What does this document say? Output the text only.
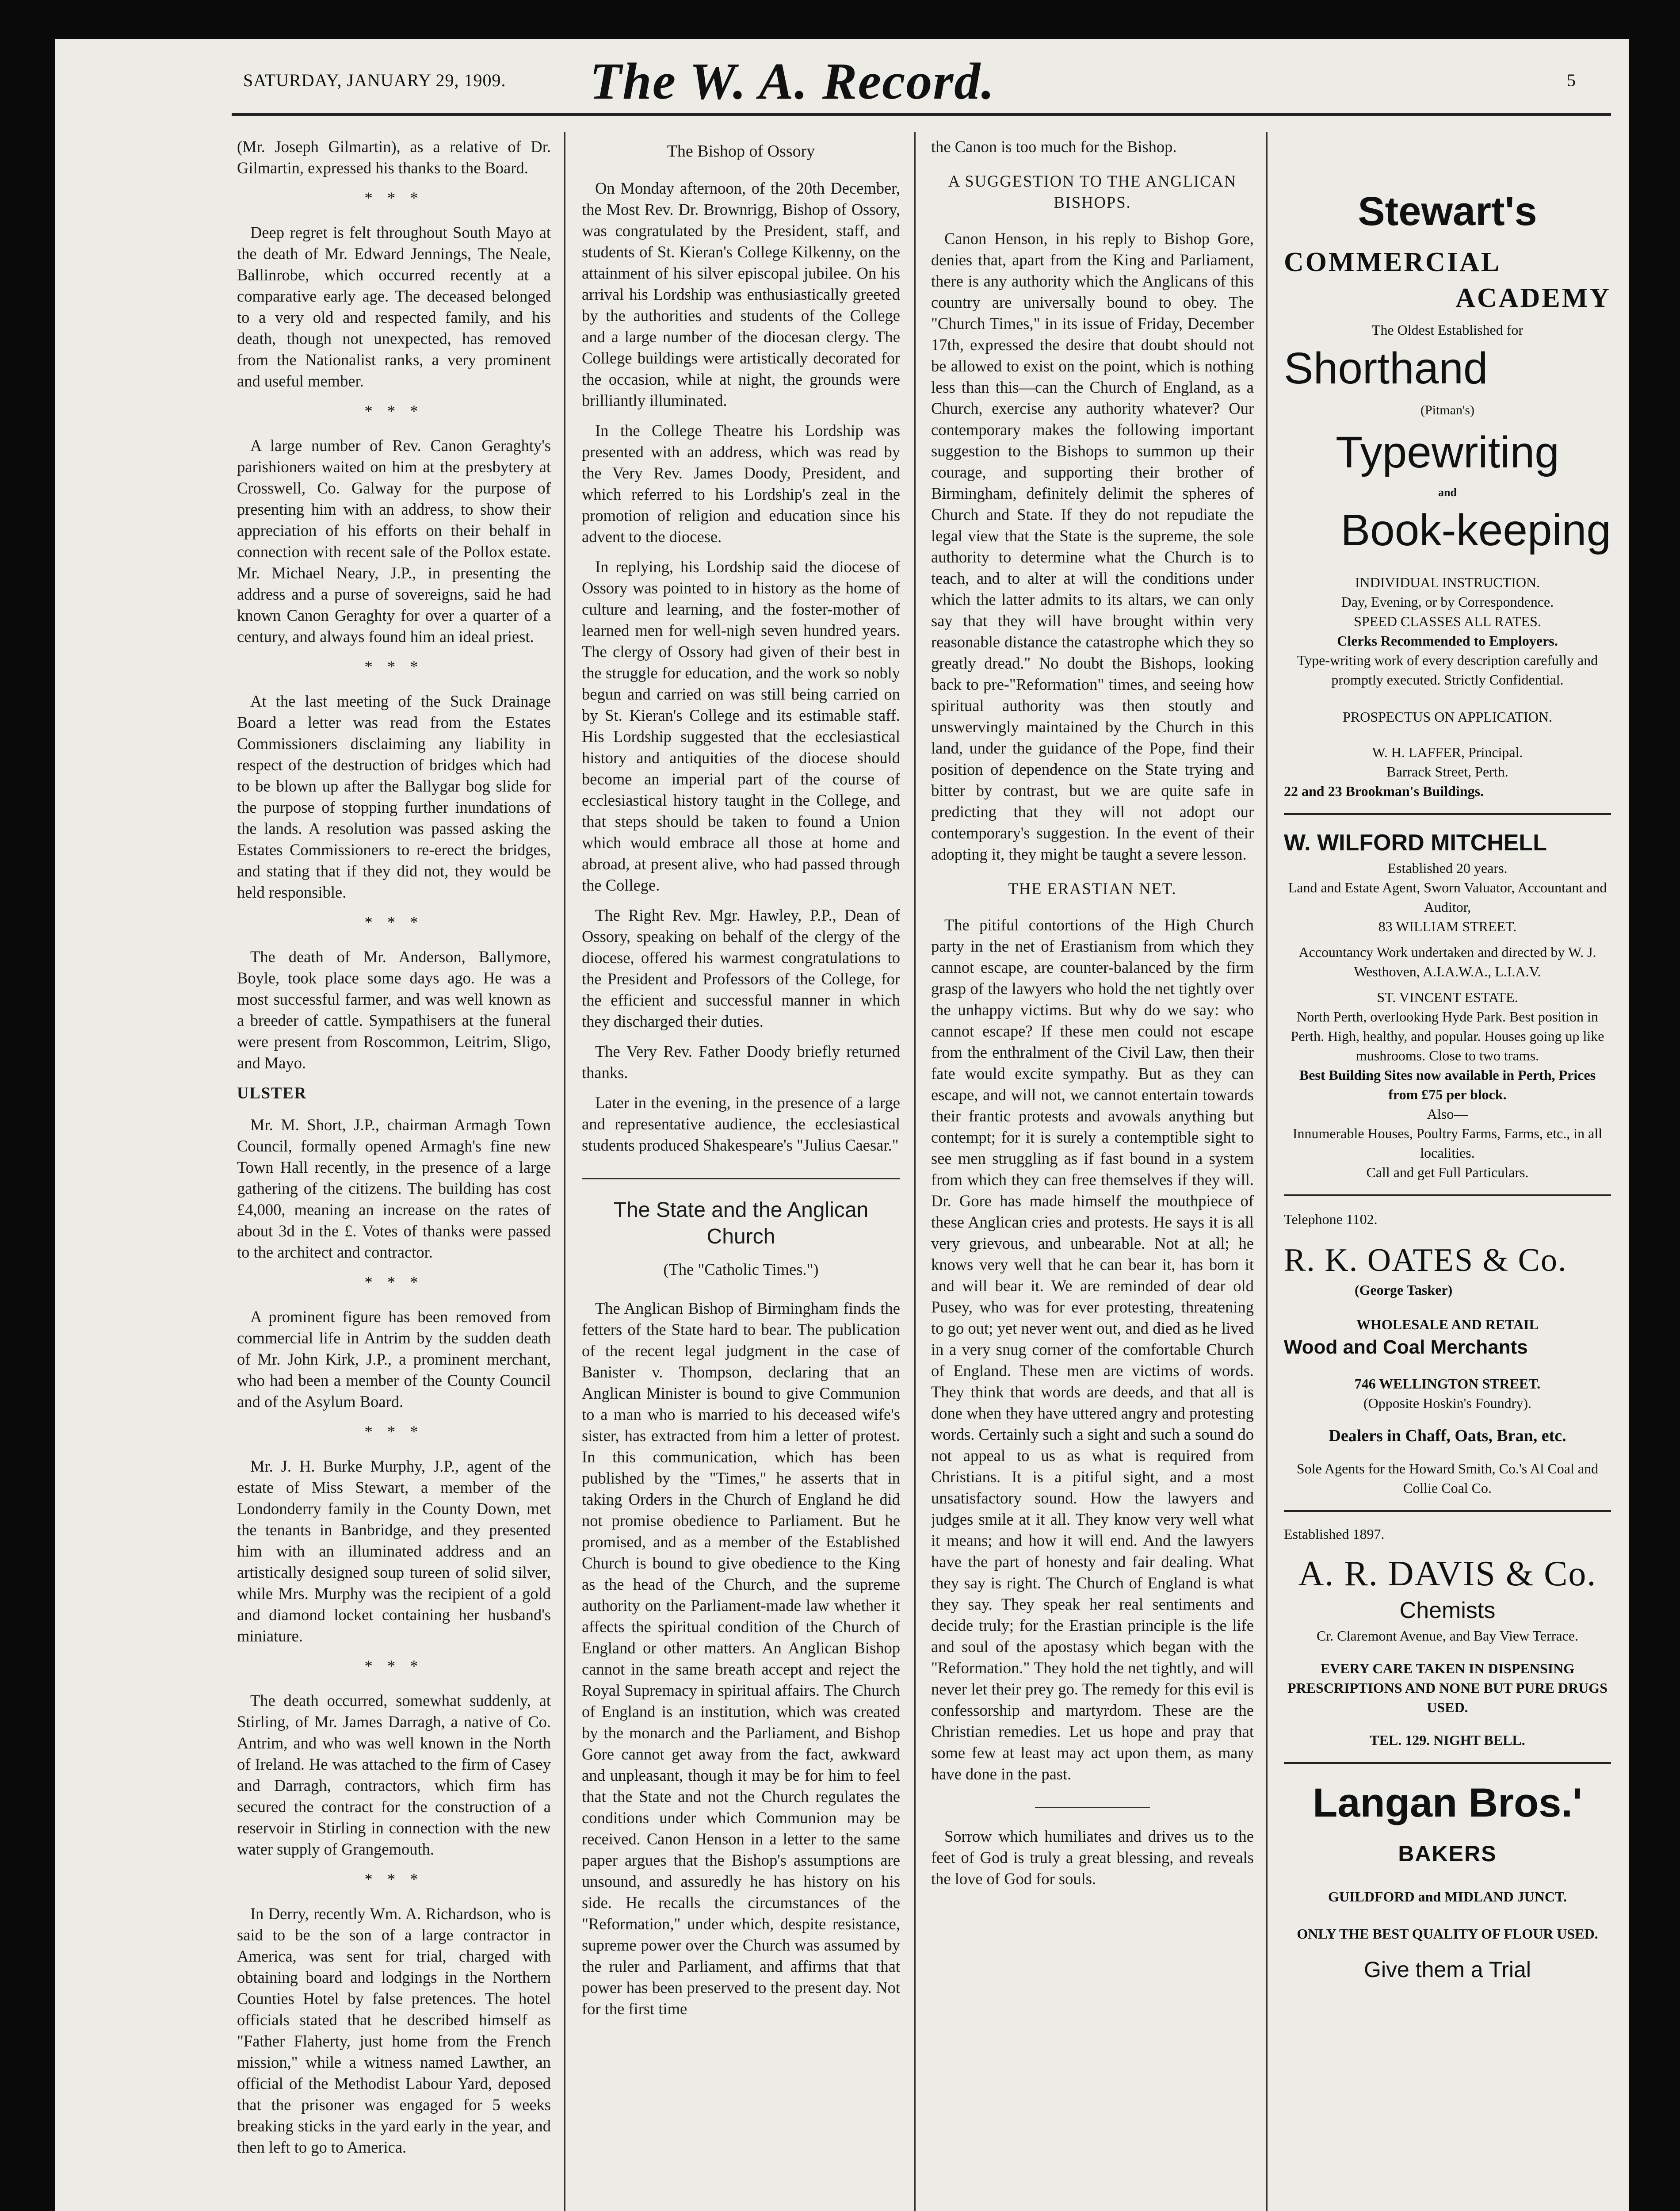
SATURDAY, JANUARY 29, 1909. The W. A. Record.	5

(Mr. Joseph Gilmartin), as a relative of Dr. Gilmartin, expressed his thanks to the Board.

* * *

Deep regret is felt throughout South Mayo at the death of Mr. Edward Jennings, The Neale, Ballinrobe, which occurred recently at a comparative early age. The deceased belonged to a very old and respected family, and his death, though not unexpected, has removed from the Nationalist ranks, a very prominent and useful member.

* * *

A large number of Rev. Canon Geraghty's parishioners waited on him at the presbytery at Crosswell, Co. Galway for the purpose of presenting him with an address, to show their appreciation of his efforts on their behalf in connection with recent sale of the Pollox estate. Mr. Michael Neary, J.P., in presenting the address and a purse of sovereigns, said he had known Canon Geraghty for over a quarter of a century, and always found him an ideal priest.

* * *

At the last meeting of the Suck Drainage Board a letter was read from the Estates Commissioners disclaiming any liability in respect of the destruction of bridges which had to be blown up after the Ballygar bog slide for the purpose of stopping further inundations of the lands. A resolution was passed asking the Estates Commissioners to re-erect the bridges, and stating that if they did not, they would be held responsible.

* * *

The death of Mr. Anderson, Ballymore, Boyle, took place some days ago. He was a most successful farmer, and was well known as a breeder of cattle. Sympathisers at the funeral were present from Roscommon, Leitrim, Sligo, and Mayo.

ULSTER

Mr. M. Short, J.P., chairman Armagh Town Council, formally opened Armagh's fine new Town Hall recently, in the presence of a large gathering of the citizens. The building has cost £4,000, meaning an increase on the rates of about 3d in the £. Votes of thanks were passed to the architect and contractor.

* * *

A prominent figure has been removed from commercial life in Antrim by the sudden death of Mr. John Kirk, J.P., a prominent merchant, who had been a member of the County Council and of the Asylum Board.

* * *

Mr. J. H. Burke Murphy, J.P., agent of the estate of Miss Stewart, a member of the Londonderry family in the County Down, met the tenants in Banbridge, and they presented him with an illuminated address and an artistically designed soup tureen of solid silver, while Mrs. Murphy was the recipient of a gold and diamond locket containing her husband's miniature.

* * *

The death occurred, somewhat suddenly, at Stirling, of Mr. James Darragh, a native of Co. Antrim, and who was well known in the North of Ireland. He was attached to the firm of Casey and Darragh, contractors, which firm has secured the contract for the construction of a reservoir in Stirling in connection with the new water supply of Grangemouth.

* * *

In Derry, recently Wm. A. Richardson, who is said to be the son of a large contractor in America, was sent for trial, charged with obtaining board and lodgings in the Northern Counties Hotel by false pretences. The hotel officials stated that he described himself as "Father Flaherty, just home from the French mission," while a witness named Lawther, an official of the Methodist Labour Yard, deposed that the prisoner was engaged for 5 weeks breaking sticks in the yard early in the year, and then left to go to America.

The Bishop of Ossory

On Monday afternoon, of the 20th December, the Most Rev. Dr. Brownrigg, Bishop of Ossory, was congratulated by the President, staff, and students of St. Kieran's College Kilkenny, on the attainment of his silver episcopal jubilee. On his arrival his Lordship was enthusiastically greeted by the authorities and students of the College and a large number of the diocesan clergy. The College buildings were artistically decorated for the occasion, while at night, the grounds were brilliantly illuminated.

In the College Theatre his Lordship was presented with an address, which was read by the Very Rev. James Doody, President, and which referred to his Lordship's zeal in the promotion of religion and education since his advent to the diocese.

In replying, his Lordship said the diocese of Ossory was pointed to in history as the home of culture and learning, and the foster-mother of learned men for well-nigh seven hundred years. The clergy of Ossory had given of their best in the struggle for education, and the work so nobly begun and carried on was still being carried on by St. Kieran's College and its estimable staff. His Lordship suggested that the ecclesiastical history and antiquities of the diocese should become an imperial part of the course of ecclesiastical history taught in the College, and that steps should be taken to found a Union which would embrace all those at home and abroad, at present alive, who had passed through the College.

The Right Rev. Mgr. Hawley, P.P., Dean of Ossory, speaking on behalf of the clergy of the diocese, offered his warmest congratulations to the President and Professors of the College, for the efficient and successful manner in which they discharged their duties.

The Very Rev. Father Doody briefly returned thanks.

Later in the evening, in the presence of a large and representative audience, the ecclesiastical students produced Shakespeare's "Julius Caesar."

The State and the Anglican Church

(The "Catholic Times.")

The Anglican Bishop of Birmingham finds the fetters of the State hard to bear. The publication of the recent legal judgment in the case of Banister v. Thompson, declaring that an Anglican Minister is bound to give Communion to a man who is married to his deceased wife's sister, has extracted from him a letter of protest. In this communication, which has been published by the "Times," he asserts that in taking Orders in the Church of England he did not promise obedience to Parliament. But he promised, and as a member of the Established Church is bound to give obedience to the King as the head of the Church, and the supreme authority on the Parliament-made law whether it affects the spiritual condition of the Church of England or other matters. An Anglican Bishop cannot in the same breath accept and reject the Royal Supremacy in spiritual affairs. The Church of England is an institution, which was created by the monarch and the Parliament, and Bishop Gore cannot get away from the fact, awkward and unpleasant, though it may be for him to feel that the State and not the Church regulates the conditions under which Communion may be received. Canon Henson in a letter to the same paper argues that the Bishop's assumptions are unsound, and assuredly he has history on his side. He recalls the circumstances of the "Reformation," under which, despite resistance, supreme power over the Church was assumed by the ruler and Parliament, and affirms that that power has been preserved to the present day. Not for the first time

the Canon is too much for the Bishop.

A SUGGESTION TO THE ANGLICAN BISHOPS.

Canon Henson, in his reply to Bishop Gore, denies that, apart from the King and Parliament, there is any authority which the Anglicans of this country are universally bound to obey. The "Church Times," in its issue of Friday, December 17th, expressed the desire that doubt should not be allowed to exist on the point, which is nothing less than this—can the Church of England, as a Church, exercise any authority whatever? Our contemporary makes the following important suggestion to the Bishops to summon up their courage, and supporting their brother of Birmingham, definitely delimit the spheres of Church and State. If they do not repudiate the legal view that the State is the supreme, the sole authority to determine what the Church is to teach, and to alter at will the conditions under which the latter admits to its altars, we can only say that they will have brought within very reasonable distance the catastrophe which they so greatly dread." No doubt the Bishops, looking back to pre-"Reformation" times, and seeing how spiritual authority was then stoutly and unswervingly maintained by the Church in this land, under the guidance of the Pope, find their position of dependence on the State trying and bitter by contrast, but we are quite safe in predicting that they will not adopt our contemporary's suggestion. In the event of their adopting it, they might be taught a severe lesson.

THE ERASTIAN NET.

The pitiful contortions of the High Church party in the net of Erastianism from which they cannot escape, are counter-balanced by the firm grasp of the lawyers who hold the net tightly over the unhappy victims. But why do we say: who cannot escape? If these men could not escape from the enthralment of the Civil Law, then their fate would excite sympathy. But as they can escape, and will not, we cannot entertain towards their frantic protests and avowals anything but contempt; for it is surely a contemptible sight to see men struggling as if fast bound in a system from which they can free themselves if they will. Dr. Gore has made himself the mouthpiece of these Anglican cries and protests. He says it is all very grievous, and unbearable. Not at all; he knows very well that he can bear it, has born it and will bear it. We are reminded of dear old Pusey, who was for ever protesting, threatening to go out; yet never went out, and died as he lived in a very snug corner of the comfortable Church of England. These men are victims of words. They think that words are deeds, and that all is done when they have uttered angry and protesting words. Certainly such a sight and such a sound do not appeal to us as what is required from Christians. It is a pitiful sight, and a most unsatisfactory sound. How the lawyers and judges smile at it all. They know very well what it means; and how it will end. And the lawyers have the part of honesty and fair dealing. What they say is right. The Church of England is what they say. They speak her real sentiments and decide truly; for the Erastian principle is the life and soul of the apostasy which began with the "Reformation." They hold the net tightly, and will never let their prey go. The remedy for this evil is confessorship and martyrdom. These are the Christian remedies. Let us hope and pray that some few at least may act upon them, as many have done in the past.

Sorrow which humiliates and drives us to the feet of God is truly a great blessing, and reveals the love of God for souls.

Stewart's
COMMERCIAL
ACADEMY
The Oldest Established for
Shorthand
(Pitman's)
Typewriting
and
Book-keeping
INDIVIDUAL INSTRUCTION.
Day, Evening, or by Correspondence.
SPEED CLASSES ALL RATES.
Clerks Recommended to Employers.
Type-writing work of every description carefully and promptly executed. Strictly Confidential.
PROSPECTUS ON APPLICATION.
W. H. LAFFER, Principal.
Barrack Street, Perth.
22 and 23 Brookman's Buildings.
W. WILFORD MITCHELL
Established 20 years.
Land and Estate Agent, Sworn Valuator, Accountant and Auditor,
83 WILLIAM STREET.
Accountancy Work undertaken and directed by W. J. Westhoven, A.I.A.W.A., L.I.A.V.
ST. VINCENT ESTATE.
North Perth, overlooking Hyde Park. Best position in Perth. High, healthy, and popular. Houses going up like mushrooms. Close to two trams.
Best Building Sites now available in Perth, Prices from £75 per block.
Also—
Innumerable Houses, Poultry Farms, Farms, etc., in all localities.
Call and get Full Particulars.
Telephone 1102.
R. K. OATES & Co.
(George Tasker)
WHOLESALE AND RETAIL
Wood and Coal Merchants
746 WELLINGTON STREET.
(Opposite Hoskin's Foundry).
Dealers in Chaff, Oats, Bran, etc.
Sole Agents for the Howard Smith, Co.'s Al Coal and Collie Coal Co.
Established 1897.
A. R. DAVIS & Co.
Chemists
Cr. Claremont Avenue, and Bay View Terrace.
EVERY CARE TAKEN IN DISPENSING PRESCRIPTIONS AND NONE BUT PURE DRUGS USED.
TEL. 129. NIGHT BELL.
Langan Bros.'
BAKERS
GUILDFORD and MIDLAND JUNCT.
ONLY THE BEST QUALITY OF FLOUR USED.
Give them a Trial
